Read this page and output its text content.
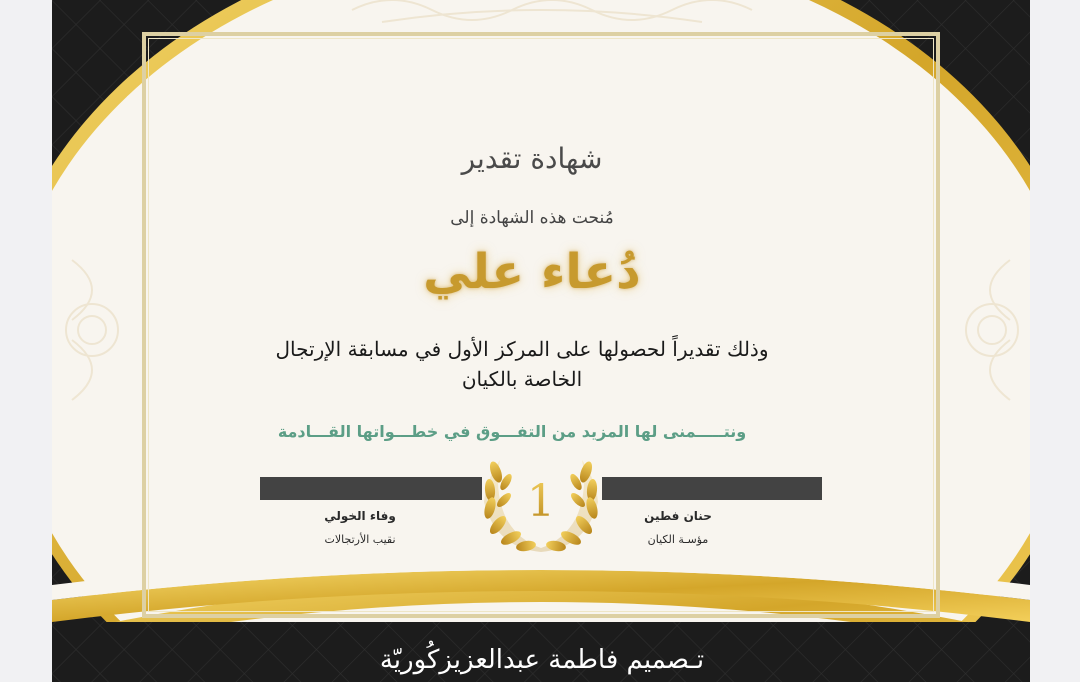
شهادة تقدير
مُنحت هذه الشهادة إلى
دُعاء علي
وذلك تقديراً لحصولها على المركز الأول في مسابقة الإرتجال الخاصة بالكيان
ونتـــــمنى لها المزيد من التفـــوق في خطـــواتها القـــادمة
1	حنان فطين
مؤسـة الكيان
وفاء الخولي
نقيب الأرتجالات
تـصميم فاطمة عبدالعزيزكُوريّة
